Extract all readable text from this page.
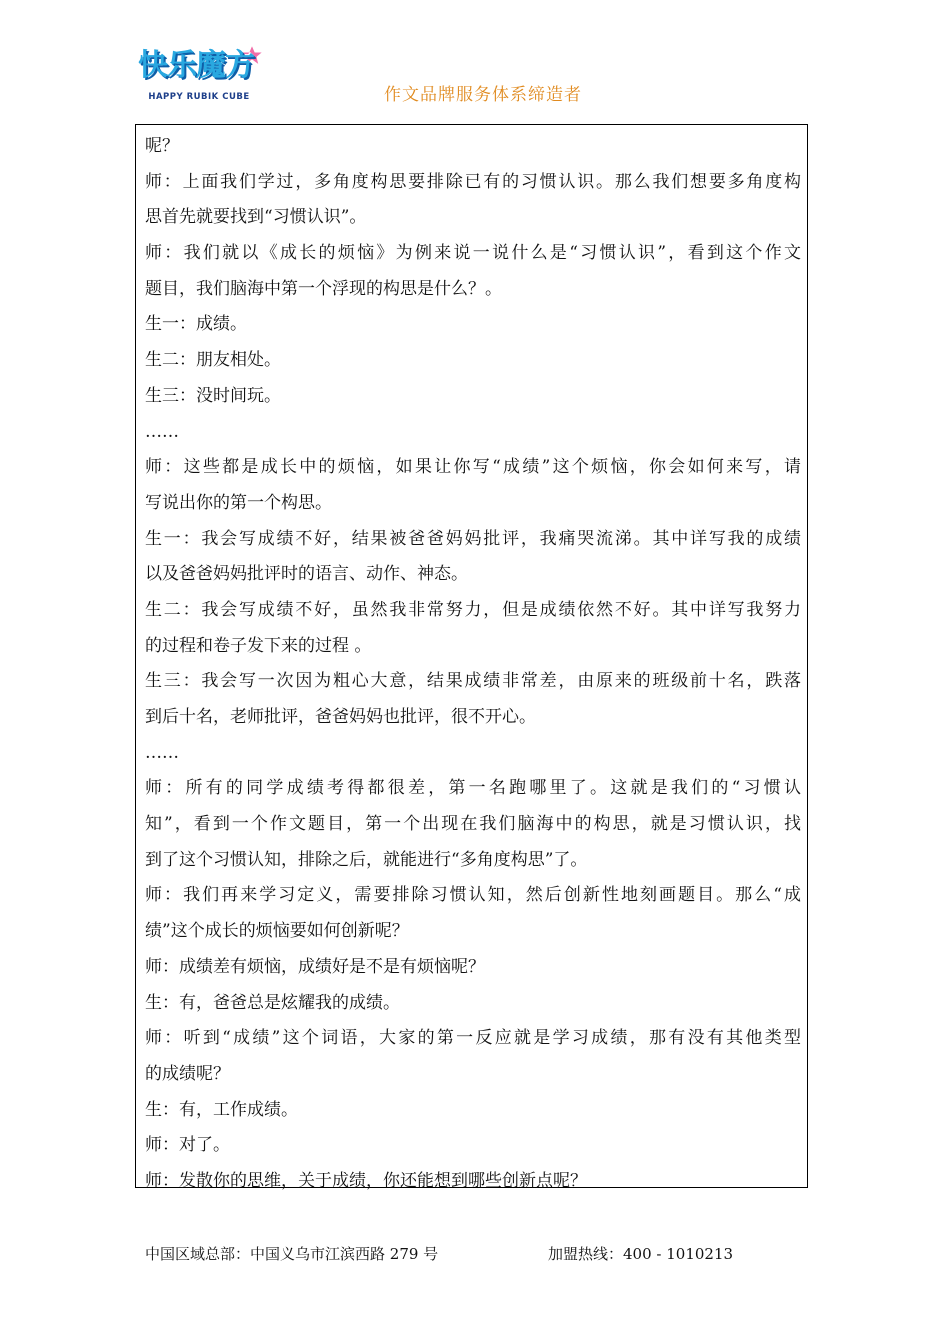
快乐魔方
HAPPY RUBIK CUBE	作文品牌服务体系缔造者
呢？
师：上面我们学过，多角度构思要排除已有的习惯认识。那么我们想要多角度构
思首先就要找到“习惯认识”。
师：我们就以《成长的烦恼》为例来说一说什么是“习惯认识”，看到这个作文
题目，我们脑海中第一个浮现的构思是什么？。
生一：成绩。
生二：朋友相处。
生三：没时间玩。
……
师：这些都是成长中的烦恼，如果让你写“成绩”这个烦恼，你会如何来写，请
写说出你的第一个构思。
生一：我会写成绩不好，结果被爸爸妈妈批评，我痛哭流涕。其中详写我的成绩
以及爸爸妈妈批评时的语言、动作、神态。
生二：我会写成绩不好，虽然我非常努力，但是成绩依然不好。其中详写我努力
的过程和卷子发下来的过程 。
生三：我会写一次因为粗心大意，结果成绩非常差，由原来的班级前十名，跌落
到后十名，老师批评，爸爸妈妈也批评，很不开心。
……
师：所有的同学成绩考得都很差，第一名跑哪里了。这就是我们的“习惯认
知”，看到一个作文题目，第一个出现在我们脑海中的构思，就是习惯认识，找
到了这个习惯认知，排除之后，就能进行“多角度构思”了。
师：我们再来学习定义，需要排除习惯认知，然后创新性地刻画题目。那么“成
绩”这个成长的烦恼要如何创新呢？
师：成绩差有烦恼，成绩好是不是有烦恼呢？
生：有，爸爸总是炫耀我的成绩。
师：听到“成绩”这个词语，大家的第一反应就是学习成绩，那有没有其他类型
的成绩呢？
生：有，工作成绩。
师：对了。
师：发散你的思维，关于成绩，你还能想到哪些创新点呢？
中国区域总部：中国义乌市江滨西路 279 号	加盟热线：400 - 1010213
